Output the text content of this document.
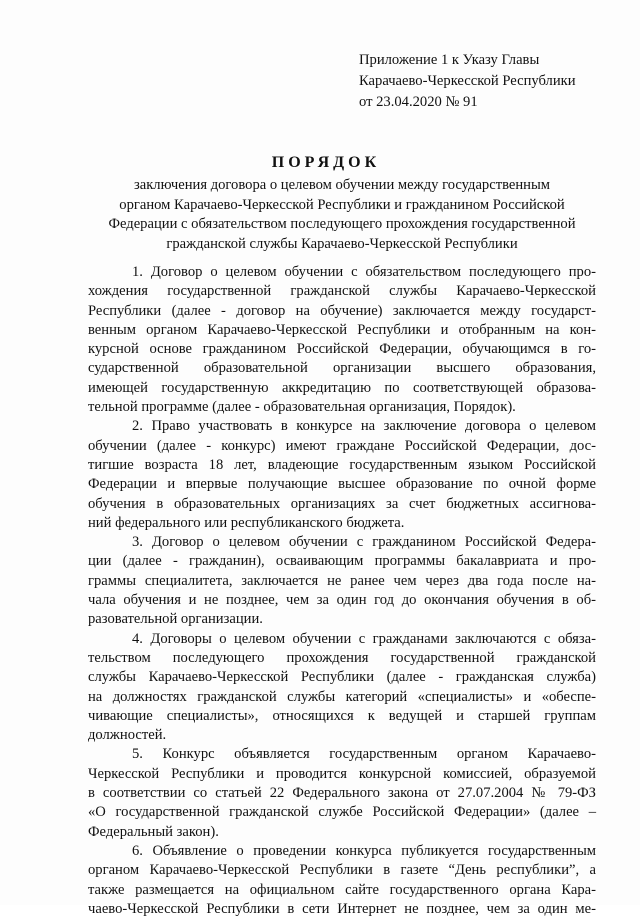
Приложение 1 к Указу Главы
Карачаево-Черкесской Республики
от 23.04.2020 № 91
ПОРЯДОК
заключения договора о целевом обучении между государственным
органом Карачаево-Черкесской Республики и гражданином Российской
Федерации с обязательством последующего прохождения государственной
гражданской службы Карачаево-Черкесской Республики
1. Договор о целевом обучении с обязательством последующего про-
хождения государственной гражданской службы Карачаево-Черкесской
Республики (далее - договор на обучение) заключается между государст-
венным органом Карачаево-Черкесской Республики и отобранным на кон-
курсной основе гражданином Российской Федерации, обучающимся в го-
сударственной образовательной организации высшего образования,
имеющей государственную аккредитацию по соответствующей образова-
тельной программе (далее - образовательная организация, Порядок).
2. Право участвовать в конкурсе на заключение договора о целевом
обучении (далее - конкурс) имеют граждане Российской Федерации, дос-
тигшие возраста 18 лет, владеющие государственным языком Российской
Федерации и впервые получающие высшее образование по очной форме
обучения в образовательных организациях за счет бюджетных ассигнова-
ний федерального или республиканского бюджета.
3. Договор о целевом обучении с гражданином Российской Федера-
ции (далее - гражданин), осваивающим программы бакалавриата и про-
граммы специалитета, заключается не ранее чем через два года после на-
чала обучения и не позднее, чем за один год до окончания обучения в об-
разовательной организации.
4. Договоры о целевом обучении с гражданами заключаются с обяза-
тельством последующего прохождения государственной гражданской
службы Карачаево-Черкесской Республики (далее - гражданская служба)
на должностях гражданской службы категорий «специалисты» и «обеспе-
чивающие специалисты», относящихся к ведущей и старшей группам
должностей.
5. Конкурс объявляется государственным органом Карачаево-
Черкесской Республики и проводится конкурсной комиссией, образуемой
в соответствии со статьей 22 Федерального закона от 27.07.2004 № 79-ФЗ
«О государственной гражданской службе Российской Федерации» (далее –
Федеральный закон).
6. Объявление о проведении конкурса публикуется государственным
органом Карачаево-Черкесской Республики в газете “День республики”, а
также размещается на официальном сайте государственного органа Кара-
чаево-Черкесской Республики в сети Интернет не позднее, чем за один ме-
